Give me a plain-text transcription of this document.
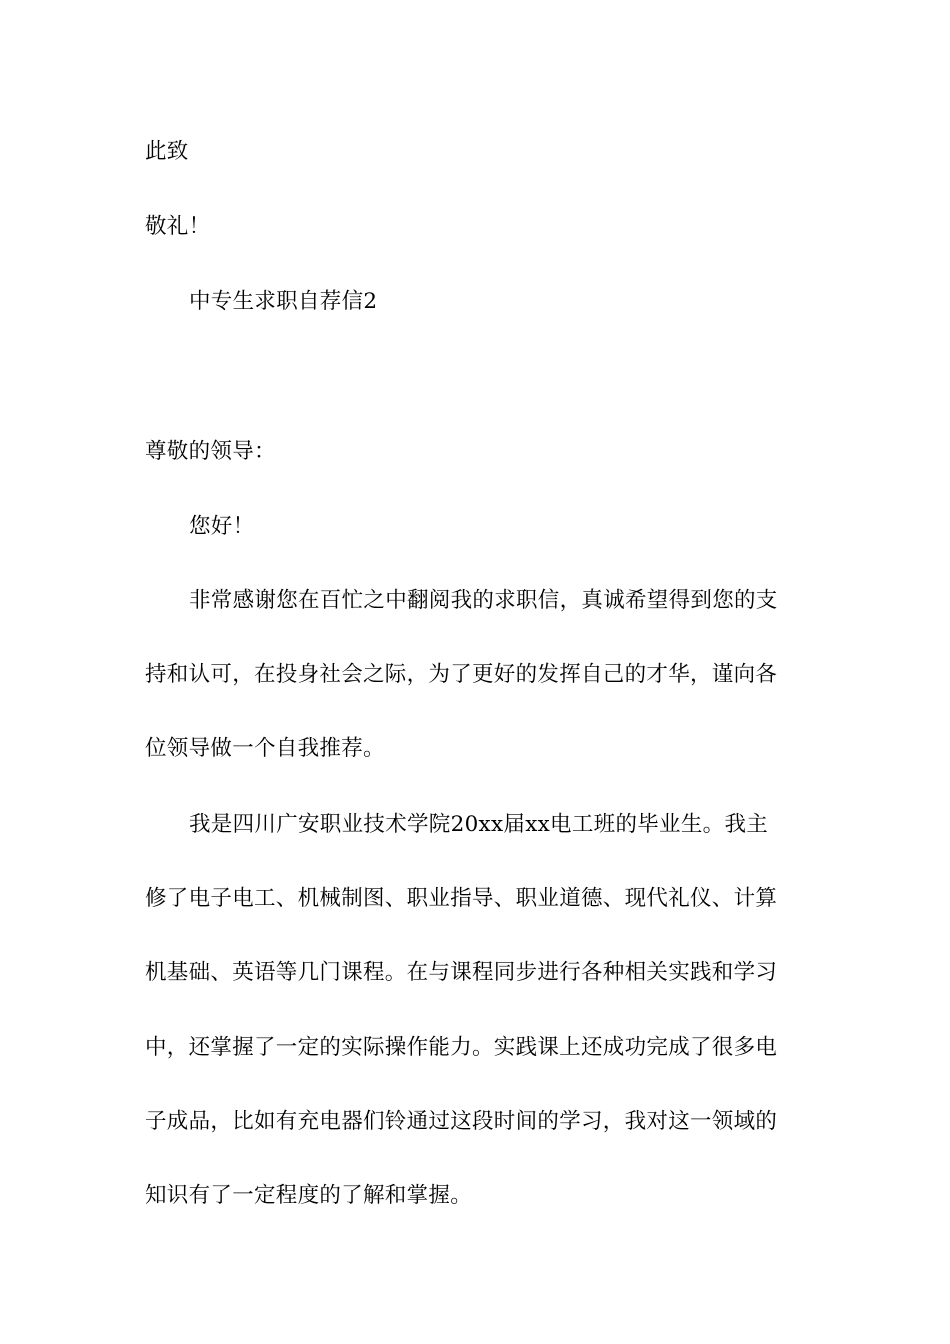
此致

敬礼！

中专生求职自荐信2

尊敬的领导：

您好！

非常感谢您在百忙之中翻阅我的求职信，真诚希望得到您的支

持和认可，在投身社会之际，为了更好的发挥自己的才华，谨向各

位领导做一个自我推荐。

我是四川广安职业技术学院20xx届xx电工班的毕业生。我主

修了电子电工、机械制图、职业指导、职业道德、现代礼仪、计算

机基础、英语等几门课程。在与课程同步进行各种相关实践和学习

中，还掌握了一定的实际操作能力。实践课上还成功完成了很多电

子成品，比如有充电器们铃通过这段时间的学习，我对这一领域的

知识有了一定程度的了解和掌握。
